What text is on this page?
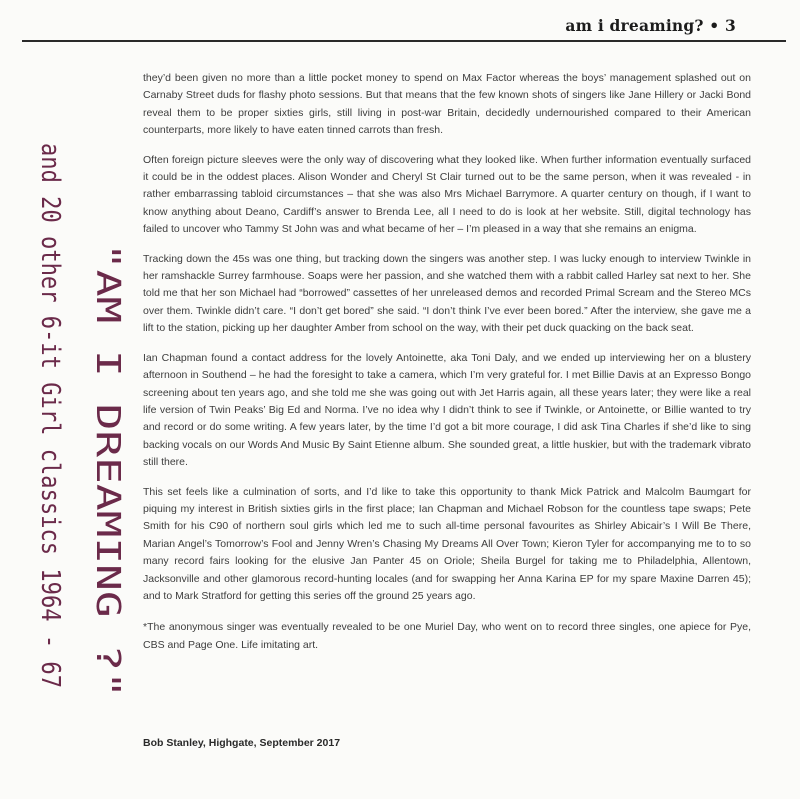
am i dreaming? • 3

they’d been given no more than a little pocket money to spend on Max Factor whereas the boys’ management splashed out on Carnaby Street duds for flashy photo sessions. But that means that the few known shots of singers like Jane Hillery or Jacki Bond reveal them to be proper sixties girls, still living in post-war Britain, decidedly undernourished compared to their American counterparts, more likely to have eaten tinned carrots than fresh.

Often foreign picture sleeves were the only way of discovering what they looked like. When further information eventually surfaced it could be in the oddest places. Alison Wonder and Cheryl St Clair turned out to be the same person, when it was revealed - in rather embarrassing tabloid circumstances – that she was also Mrs Michael Barrymore. A quarter century on though, if I want to know anything about Deano, Cardiff’s answer to Brenda Lee, all I need to do is look at her website. Still, digital technology has failed to uncover who Tammy St John was and what became of her – I’m pleased in a way that she remains an enigma.

Tracking down the 45s was one thing, but tracking down the singers was another step. I was lucky enough to interview Twinkle in her ramshackle Surrey farmhouse. Soaps were her passion, and she watched them with a rabbit called Harley sat next to her. She told me that her son Michael had “borrowed” cassettes of her unreleased demos and recorded Primal Scream and the Stereo MCs over them. Twinkle didn’t care. “I don’t get bored” she said. “I don’t think I’ve ever been bored.” After the interview, she gave me a lift to the station, picking up her daughter Amber from school on the way, with their pet duck quacking on the back seat.

Ian Chapman found a contact address for the lovely Antoinette, aka Toni Daly, and we ended up interviewing her on a blustery afternoon in Southend – he had the foresight to take a camera, which I’m very grateful for. I met Billie Davis at an Expresso Bongo screening about ten years ago, and she told me she was going out with Jet Harris again, all these years later; they were like a real life version of Twin Peaks’ Big Ed and Norma. I’ve no idea why I didn’t think to see if Twinkle, or Antoinette, or Billie wanted to try and record or do some writing. A few years later, by the time I’d got a bit more courage, I did ask Tina Charles if she’d like to sing backing vocals on our Words And Music By Saint Etienne album. She sounded great, a little huskier, but with the trademark vibrato still there.

This set feels like a culmination of sorts, and I’d like to take this opportunity to thank Mick Patrick and Malcolm Baumgart for piquing my interest in British sixties girls in the first place; Ian Chapman and Michael Robson for the countless tape swaps; Pete Smith for his C90 of northern soul girls which led me to such all-time personal favourites as Shirley Abicair’s I Will Be There, Marian Angel’s Tomorrow’s Fool and Jenny Wren’s Chasing My Dreams All Over Town; Kieron Tyler for accompanying me to to so many record fairs looking for the elusive Jan Panter 45 on Oriole; Sheila Burgel for taking me to Philadelphia, Allentown, Jacksonville and other glamorous record-hunting locales (and for swapping her Anna Karina EP for my spare Maxine Darren 45); and to Mark Stratford for getting this series off the ground 25 years ago.

*The anonymous singer was eventually revealed to be one Muriel Day, who went on to record three singles, one apiece for Pye, CBS and Page One. Life imitating art.

Bob Stanley, Highgate, September 2017
"AM I DREAMING ?"
and 20 other 6-it Girl classics 1964 - 67
